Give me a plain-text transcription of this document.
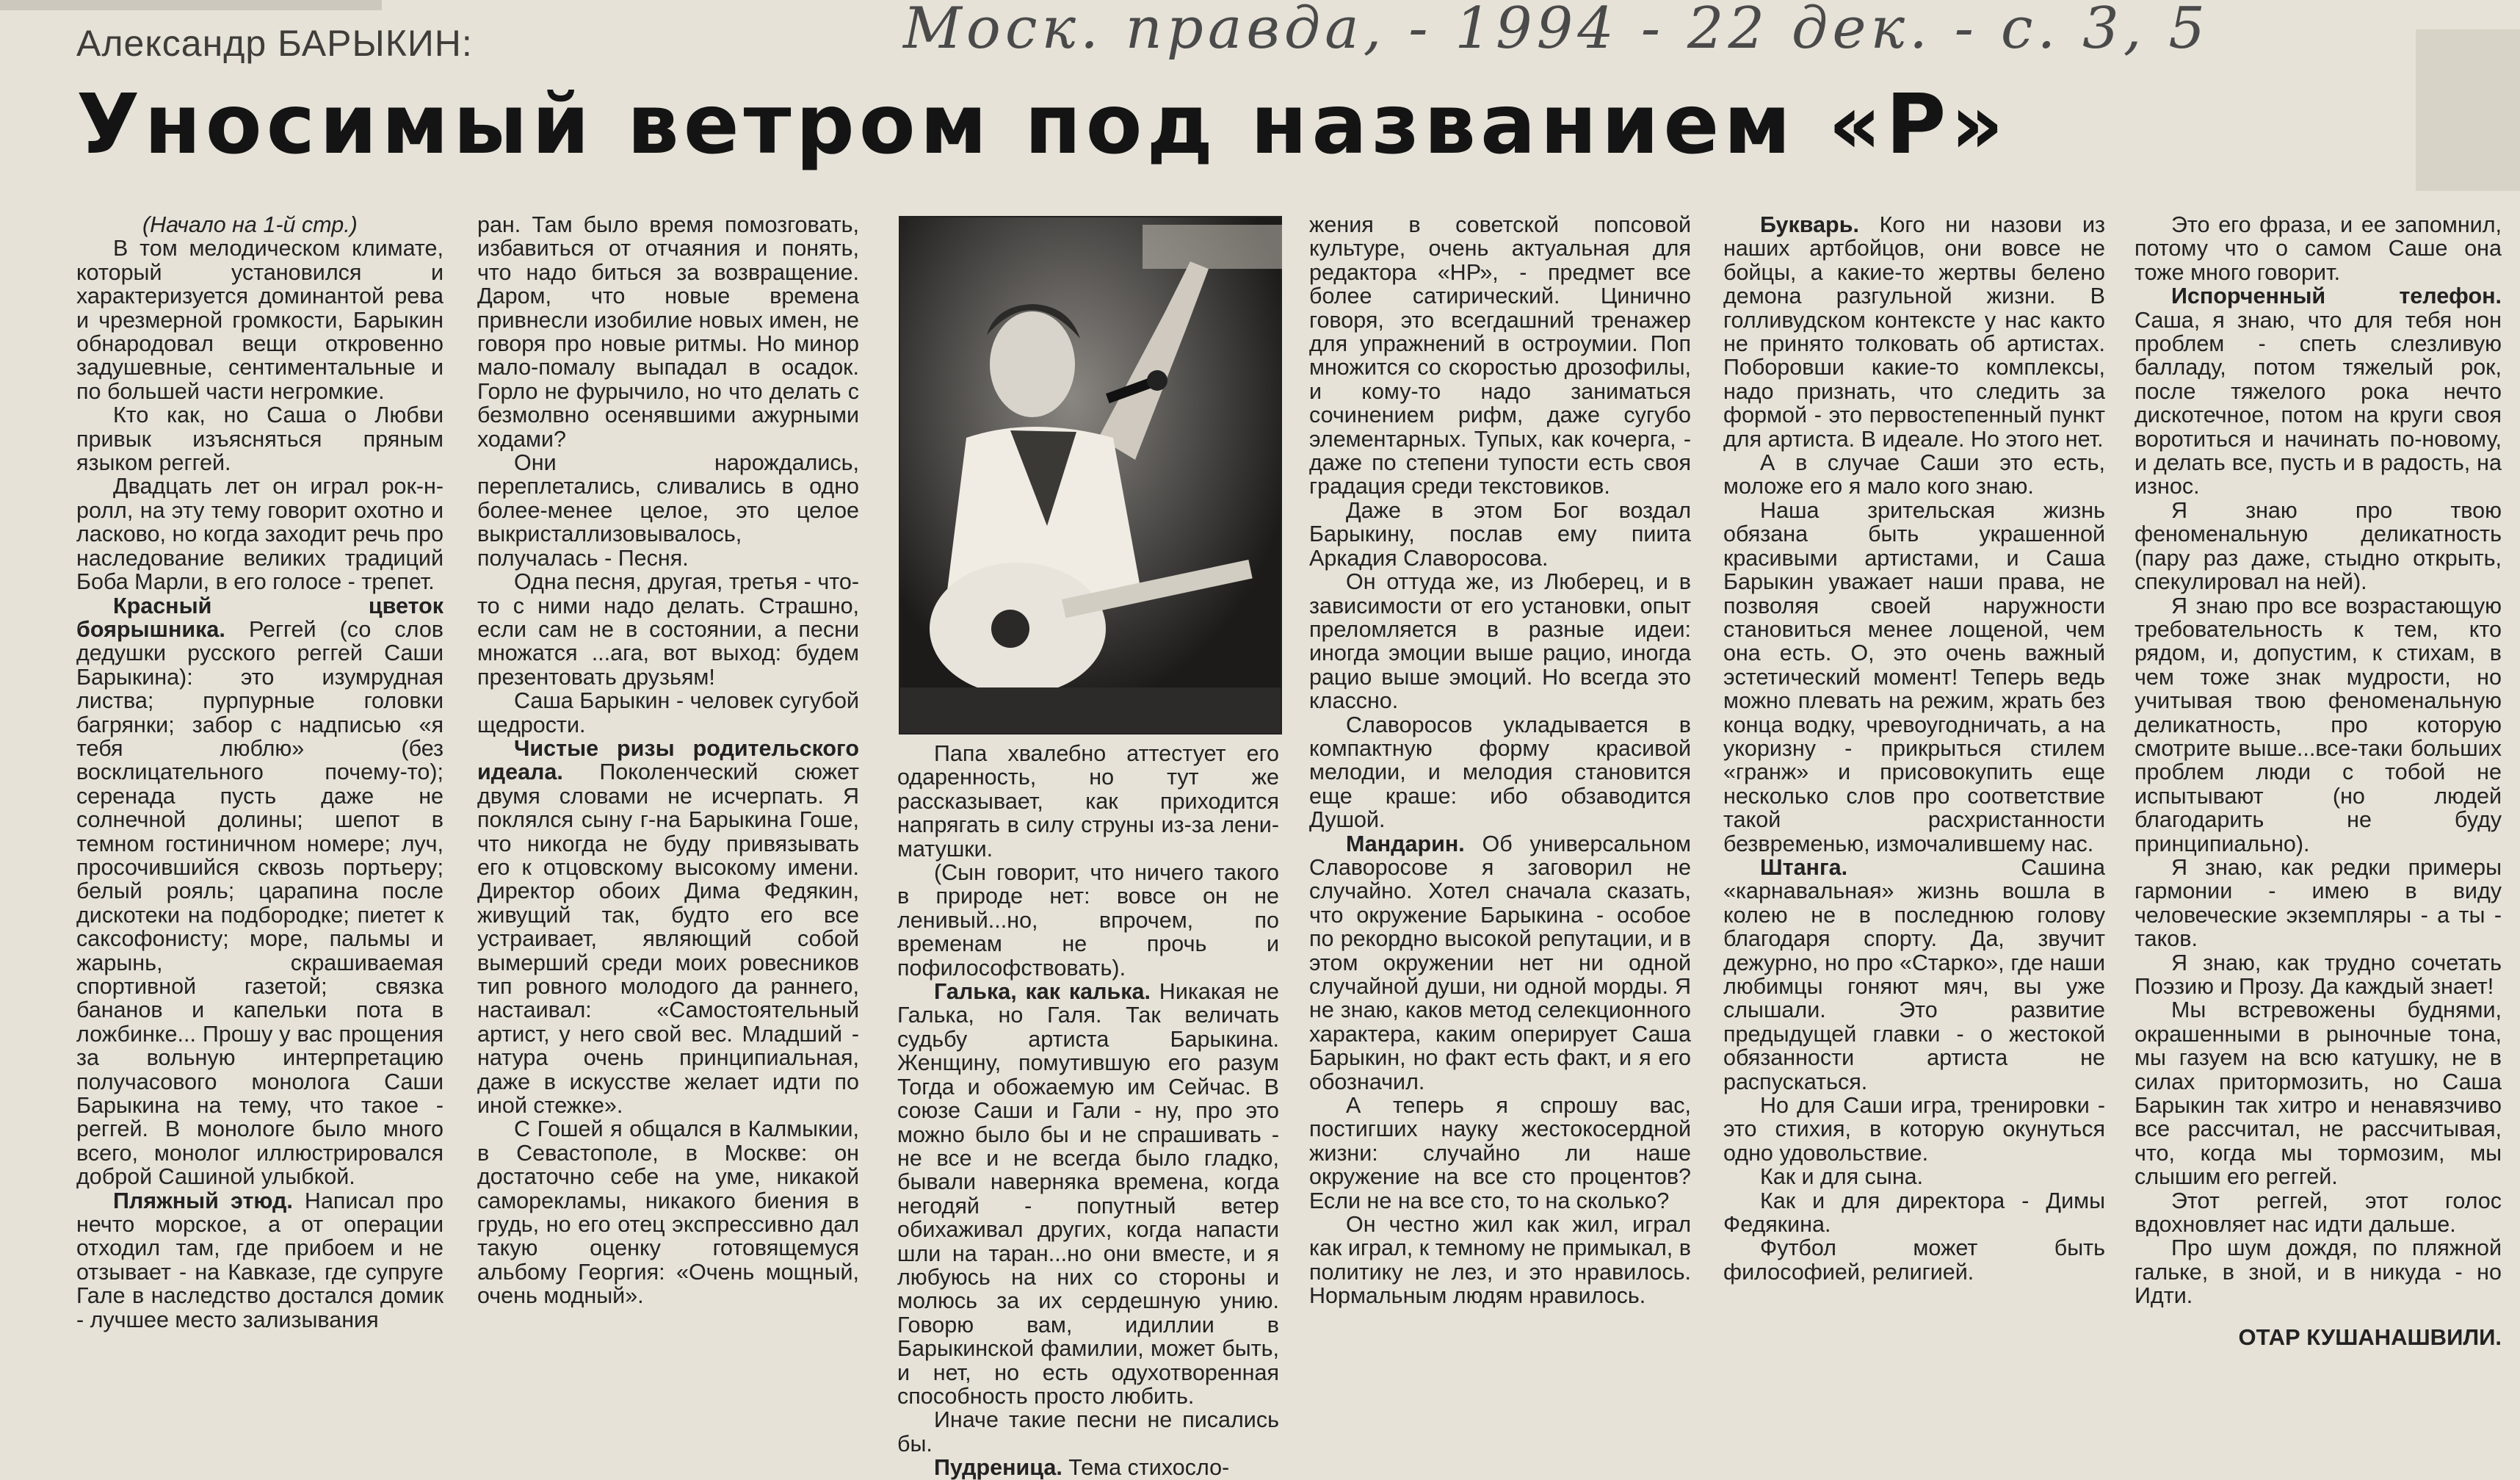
Александр БАРЫКИН:	Моск. правда, - 1994 - 22 дек. - с. 3, 5
Уносимый ветром под названием «Р»

(Начало на 1-й стр.)

В том мелодическом климате, который установился и характеризуется доминантой рева и чрезмерной громкости, Барыкин обнародовал вещи откровенно задушевные, сентиментальные и по большей части негромкие.

Кто как, но Саша о Любви привык изъясняться пряным языком реггей.

Двадцать лет он играл рок-н-ролл, на эту тему говорит охотно и ласково, но когда заходит речь про наследование великих традиций Боба Марли, в его голосе - трепет.

Красный цветок боярышника. Реггей (со слов дедушки русского реггей Саши Барыкина): это изумрудная листва; пурпурные головки багрянки; забор с надписью «я тебя люблю» (без восклицательного почему-то); серенада пусть даже не солнечной долины; шепот в темном гостиничном номере; луч, просочившийся сквозь портьеру; белый рояль; царапина после дискотеки на подбородке; пиетет к саксофонисту; море, пальмы и жарынь, скрашиваемая спортивной газетой; связка бананов и капельки пота в ложбинке... Прошу у вас прощения за вольную интерпретацию получасового монолога Саши Барыкина на тему, что такое - реггей. В монологе было много всего, монолог иллюстрировался доброй Сашиной улыбкой.

Пляжный этюд. Написал про нечто морское, а от операции отходил там, где прибоем и не отзывает - на Кавказе, где супруге Гале в наследство достался домик - лучшее место зализывания

ран. Там было время помозговать, избавиться от отчаяния и понять, что надо биться за возвращение. Даром, что новые времена привнесли изобилие новых имен, не говоря про новые ритмы. Но минор мало-помалу выпадал в осадок. Горло не фурычило, но что делать с безмолвно осенявшими ажурными ходами?

Они нарождались, переплетались, сливались в одно более-менее целое, это целое выкристаллизовывалось, получалась - Песня.

Одна песня, другая, третья - что-то с ними надо делать. Страшно, если сам не в состоянии, а песни множатся ...ага, вот выход: будем презентовать друзьям!

Саша Барыкин - человек сугубой щедрости.

Чистые ризы родительского идеала. Поколенческий сюжет двумя словами не исчерпать. Я поклялся сыну г-на Барыкина Гоше, что никогда не буду привязывать его к отцовскому высокому имени. Директор обоих Дима Федякин, живущий так, будто его все устраивает, являющий собой вымерший среди моих ровесников тип ровного молодого да раннего, настаивал: «Самостоятельный артист, у него свой вес. Младший - натура очень принципиальная, даже в искусстве желает идти по иной стежке».

С Гошей я общался в Калмыкии, в Севастополе, в Москве: он достаточно себе на уме, никакой саморекламы, никакого биения в грудь, но его отец экспрессивно дал такую оценку готовящемуся альбому Георгия: «Очень мощный, очень модный».

Папа хвалебно аттестует его одаренность, но тут же рассказывает, как приходится напрягать в силу струны из-за лени-матушки.

(Сын говорит, что ничего такого в природе нет: вовсе он не ленивый...но, впрочем, по временам не прочь и пофилософствовать).

Галька, как калька. Никакая не Галька, но Галя. Так величать судьбу артиста Барыкина. Женщину, помутившую его разум Тогда и обожаемую им Сейчас. В союзе Саши и Гали - ну, про это можно было бы и не спрашивать - не все и не всегда было гладко, бывали наверняка времена, когда негодяй - попутный ветер обихаживал других, когда напасти шли на таран...но они вместе, и я любуюсь на них со стороны и молюсь за их сердешную унию. Говорю вам, идиллии в Барыкинской фамилии, может быть, и нет, но есть одухотворенная способность просто любить.

Иначе такие песни не писались бы.

Пудреница. Тема стихосло-

жения в советской попсовой культуре, очень актуальная для редактора «НР», - предмет все более сатирический. Цинично говоря, это всегдашний тренажер для упражнений в остроумии. Поп множится со скоростью дрозофилы, и кому-то надо заниматься сочинением рифм, даже сугубо элементарных. Тупых, как кочерга, - даже по степени тупости есть своя градация среди текстовиков.

Даже в этом Бог воздал Барыкину, послав ему пиита Аркадия Славоросова.

Он оттуда же, из Люберец, и в зависимости от его установки, опыт преломляется в разные идеи: иногда эмоции выше рацио, иногда рацио выше эмоций. Но всегда это классно.

Славоросов укладывается в компактную форму красивой мелодии, и мелодия становится еще краше: ибо обзаводится Душой.

Мандарин. Об универсальном Славоросове я заговорил не случайно. Хотел сначала сказать, что окружение Барыкина - особое по рекордно высокой репутации, и в этом окружении нет ни одной случайной души, ни одной морды. Я не знаю, каков метод селекционного характера, каким оперирует Саша Барыкин, но факт есть факт, и я его обозначил.

А теперь я спрошу вас, постигших науку жестокосердной жизни: случайно ли наше окружение на все сто процентов? Если не на все сто, то на сколько?

Он честно жил как жил, играл как играл, к темному не примыкал, в политику не лез, и это нравилось. Нормальным людям нравилось.

Букварь. Кого ни назови из наших артбойцов, они вовсе не бойцы, а какие-то жертвы белено демона разгульной жизни. В голливудском контексте у нас както не принято толковать об артистах. Поборовши какие-то комплексы, надо признать, что следить за формой - это первостепенный пункт для артиста. В идеале. Но этого нет.

А в случае Саши это есть, моложе его я мало кого знаю.

Наша зрительская жизнь обязана быть украшенной красивыми артистами, и Саша Барыкин уважает наши права, не позволяя своей наружности становиться менее лощеной, чем она есть. О, это очень важный эстетический момент! Теперь ведь можно плевать на режим, жрать без конца водку, чревоугодничать, а на укоризну - прикрыться стилем «гранж» и присовокупить еще несколько слов про соответствие такой расхристанности безвременью, измочалившему нас.

Штанга.	Сашина «карнавальная» жизнь вошла в колею не в последнюю голову благодаря спорту. Да, звучит дежурно, но про «Старко», где наши любимцы гоняют мяч, вы уже слышали. Это развитие предыдущей главки - о жестокой обязанности артиста не распускаться.

Но для Саши игра, тренировки - это стихия, в которую окунуться одно удовольствие.

Как и для сына.

Как и для директора - Димы Федякина.

Футбол может быть философией, религией.

Это его фраза, и ее запомнил, потому что о самом Саше она тоже много говорит.

Испорченный телефон. Саша, я знаю, что для тебя нон проблем - спеть слезливую балладу, потом тяжелый рок, после тяжелого рока нечто дискотечное, потом на круги своя воротиться и начинать по-новому, и делать все, пусть и в радость, на износ.

Я знаю про твою феноменальную деликатность (пару раз даже, стыдно открыть, спекулировал на ней).

Я знаю про все возрастающую требовательность к тем, кто рядом, и, допустим, к стихам, в чем тоже знак мудрости, но учитывая твою феноменальную деликатность, про которую смотрите выше...все-таки больших проблем люди с тобой не испытывают (но людей благодарить не буду принципиально).

Я знаю, как редки примеры гармонии - имею в виду человеческие экземпляры - а ты - таков.

Я знаю, как трудно сочетать Поэзию и Прозу. Да каждый знает!

Мы встревожены буднями, окрашенными в рыночные тона, мы газуем на всю катушку, не в силах притормозить, но Саша Барыкин так хитро и ненавязчиво все рассчитал, не рассчитывая, что, когда мы тормозим, мы слышим его реггей.

Этот реггей, этот голос вдохновляет нас идти дальше.

Про шум дождя, по пляжной гальке, в зной, и в никуда - но Идти.

ОТАР КУШАНАШВИЛИ.
